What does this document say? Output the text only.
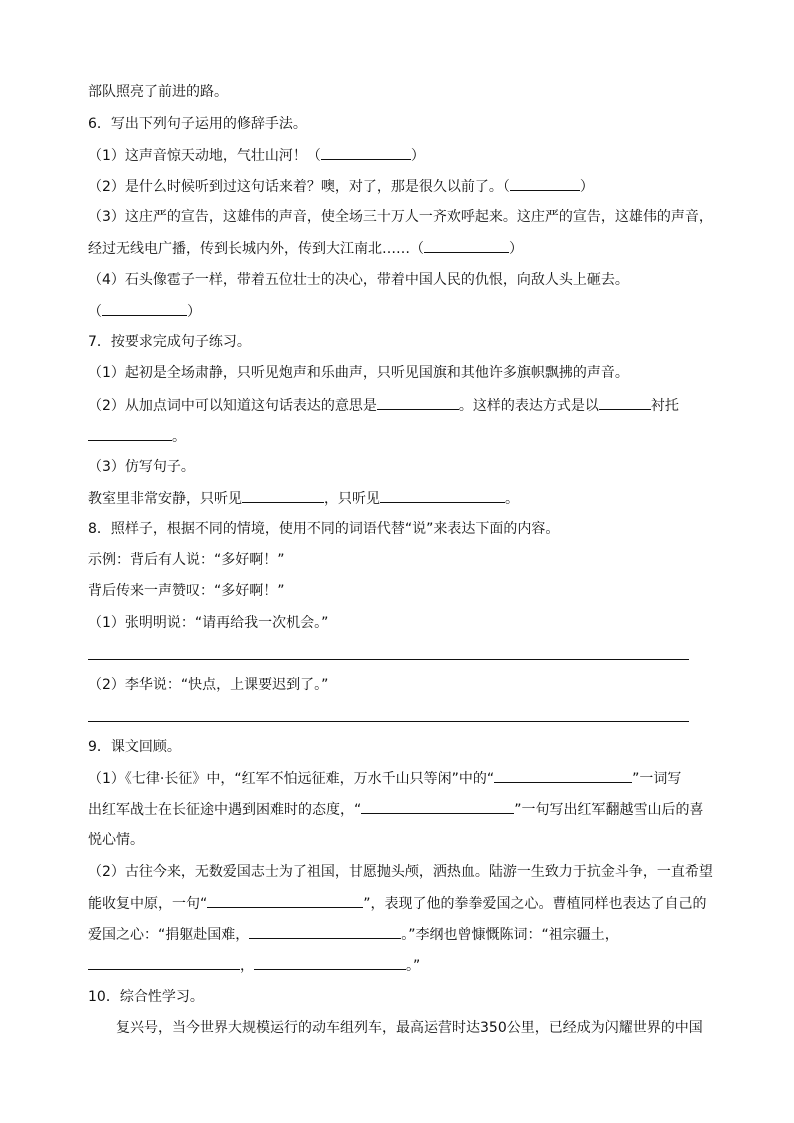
部队照亮了前进的路。
6．写出下列句子运用的修辞手法。
（1）这声音惊天动地，气壮山河！（	）
（2）是什么时候听到过这句话来着？噢，对了，那是很久以前了。（	）
（3）这庄严的宣告，这雄伟的声音，使全场三十万人一齐欢呼起来。这庄严的宣告，这雄伟的声音，
经过无线电广播，传到长城内外，传到大江南北……（	）
（4）石头像雹子一样，带着五位壮士的决心，带着中国人民的仇恨，向敌人头上砸去。
（	）
7．按要求完成句子练习。
（1）起初是全场肃静，只听见炮声和乐曲声，只听见国旗和其他许多旗帜飘拂的声音。
（2）从加点词中可以知道这句话表达的意思是	。这样的表达方式是以	衬托
。
（3）仿写句子。
教室里非常安静，只听见	，只听见	。
8．照样子，根据不同的情境，使用不同的词语代替“说”来表达下面的内容。
示例：背后有人说：“多好啊！”
背后传来一声赞叹：“多好啊！”
（1）张明明说：“请再给我一次机会。”
（2）李华说：“快点，上课要迟到了。”
9．课文回顾。
（1）《七律·长征》中，“红军不怕远征难，万水千山只等闲”中的“	”一词写
出红军战士在长征途中遇到困难时的态度，“	”一句写出红军翻越雪山后的喜
悦心情。
（2）古往今来，无数爱国志士为了祖国，甘愿抛头颅，洒热血。陆游一生致力于抗金斗争，一直希望
能收复中原，一句“	”，表现了他的拳拳爱国之心。曹植同样也表达了自己的
爱国之心：“捐躯赴国难，	。”李纲也曾慷慨陈词：“祖宗疆土，
，	。”
10．综合性学习。
复兴号，当今世界大规模运行的动车组列车，最高运营时达350公里，已经成为闪耀世界的中国
